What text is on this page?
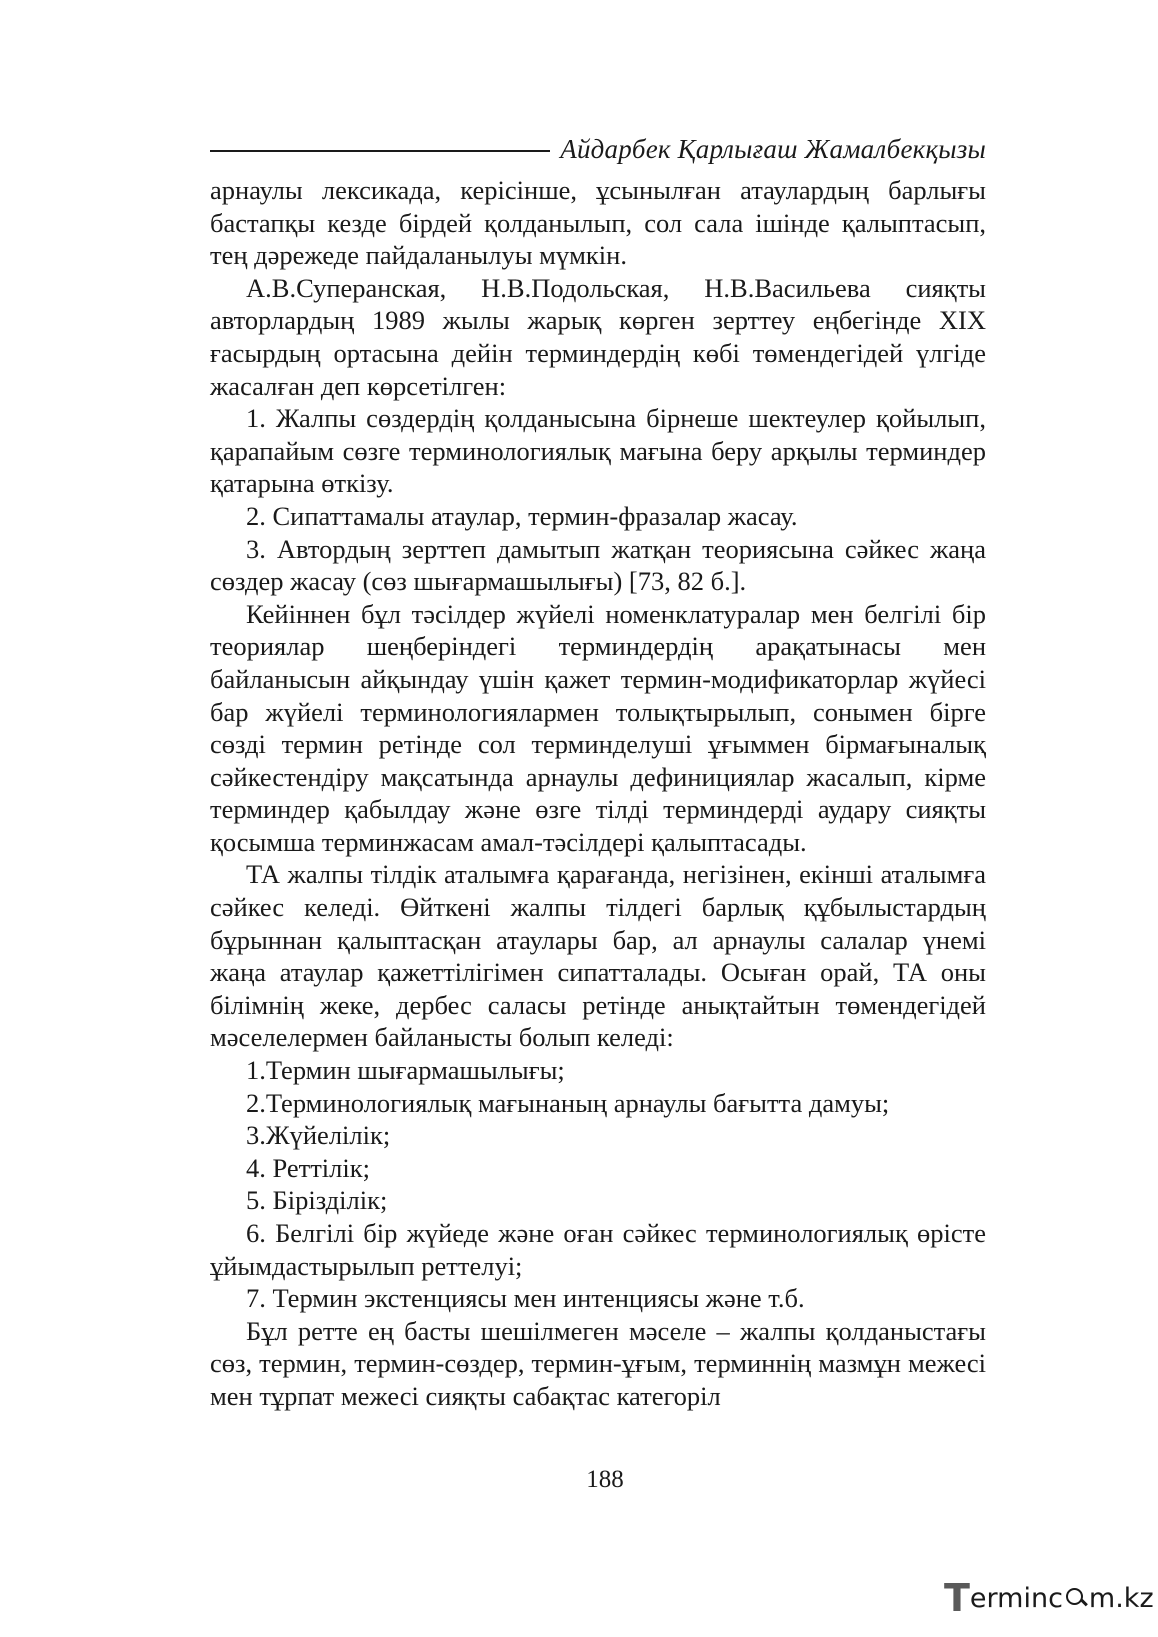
Айдарбек Қарлығаш Жамалбекқызы

арнаулы лексикада, керісінше, ұсынылған атаулардың барлығы бастапқы кезде бірдей қолданылып, сол сала ішінде қалыптасып, тең дәрежеде пайдаланылуы мүмкін.

А.В.Суперанская, Н.В.Подольская, Н.В.Васильева сияқты авторлардың 1989 жылы жарық көрген зерттеу еңбегінде XIX ғасырдың ортасына дейін терминдердің көбі төмендегідей үлгіде жасалған деп көрсетілген:

1. Жалпы сөздердің қолданысына бірнеше шектеулер қойылып, қарапайым сөзге терминологиялық мағына беру арқылы терминдер қатарына өткізу.

2. Сипаттамалы атаулар, термин-фразалар жасау.

3. Автордың зерттеп дамытып жатқан теориясына сәйкес жаңа сөздер жасау (сөз шығармашылығы) [73, 82 б.].

Кейіннен бұл тәсілдер жүйелі номенклатуралар мен белгілі бір теориялар шеңберіндегі терминдердің арақатынасы мен байланысын айқындау үшін қажет термин-модификаторлар жүйесі бар жүйелі терминологиялармен толықтырылып, сонымен бірге сөзді термин ретінде сол терминделуші ұғыммен бірмағыналық сәйкестендіру мақсатында арнаулы дефинициялар жасалып, кірме терминдер қабылдау және өзге тілді терминдерді аудару сияқты қосымша терминжасам амал-тәсілдері қалыптасады.

ТА жалпы тілдік аталымға қарағанда, негізінен, екінші аталымға сәйкес келеді. Өйткені жалпы тілдегі барлық құбылыстардың бұрыннан қалыптасқан атаулары бар, ал арнаулы салалар үнемі жаңа атаулар қажеттілігімен сипатталады. Осыған орай, ТА оны білімнің жеке, дербес саласы ретінде анықтайтын төмендегідей мәселелермен байланысты болып келеді:

1.Термин шығармашылығы;

2.Терминологиялық мағынаның арнаулы бағытта дамуы;

3.Жүйелілік;

4. Реттілік;

5. Бірізділік;

6. Белгілі бір жүйеде және оған сәйкес терминологиялық өрісте ұйымдастырылып реттелуі;

7. Термин экстенциясы мен интенциясы және т.б.

Бұл ретте ең басты шешілмеген мәселе – жалпы қолданыстағы сөз, термин, термин-сөздер, термин-ұғым, терминнің мазмұн межесі мен тұрпат межесі сияқты сабақтас категоріл

188
T erminc m.kz
